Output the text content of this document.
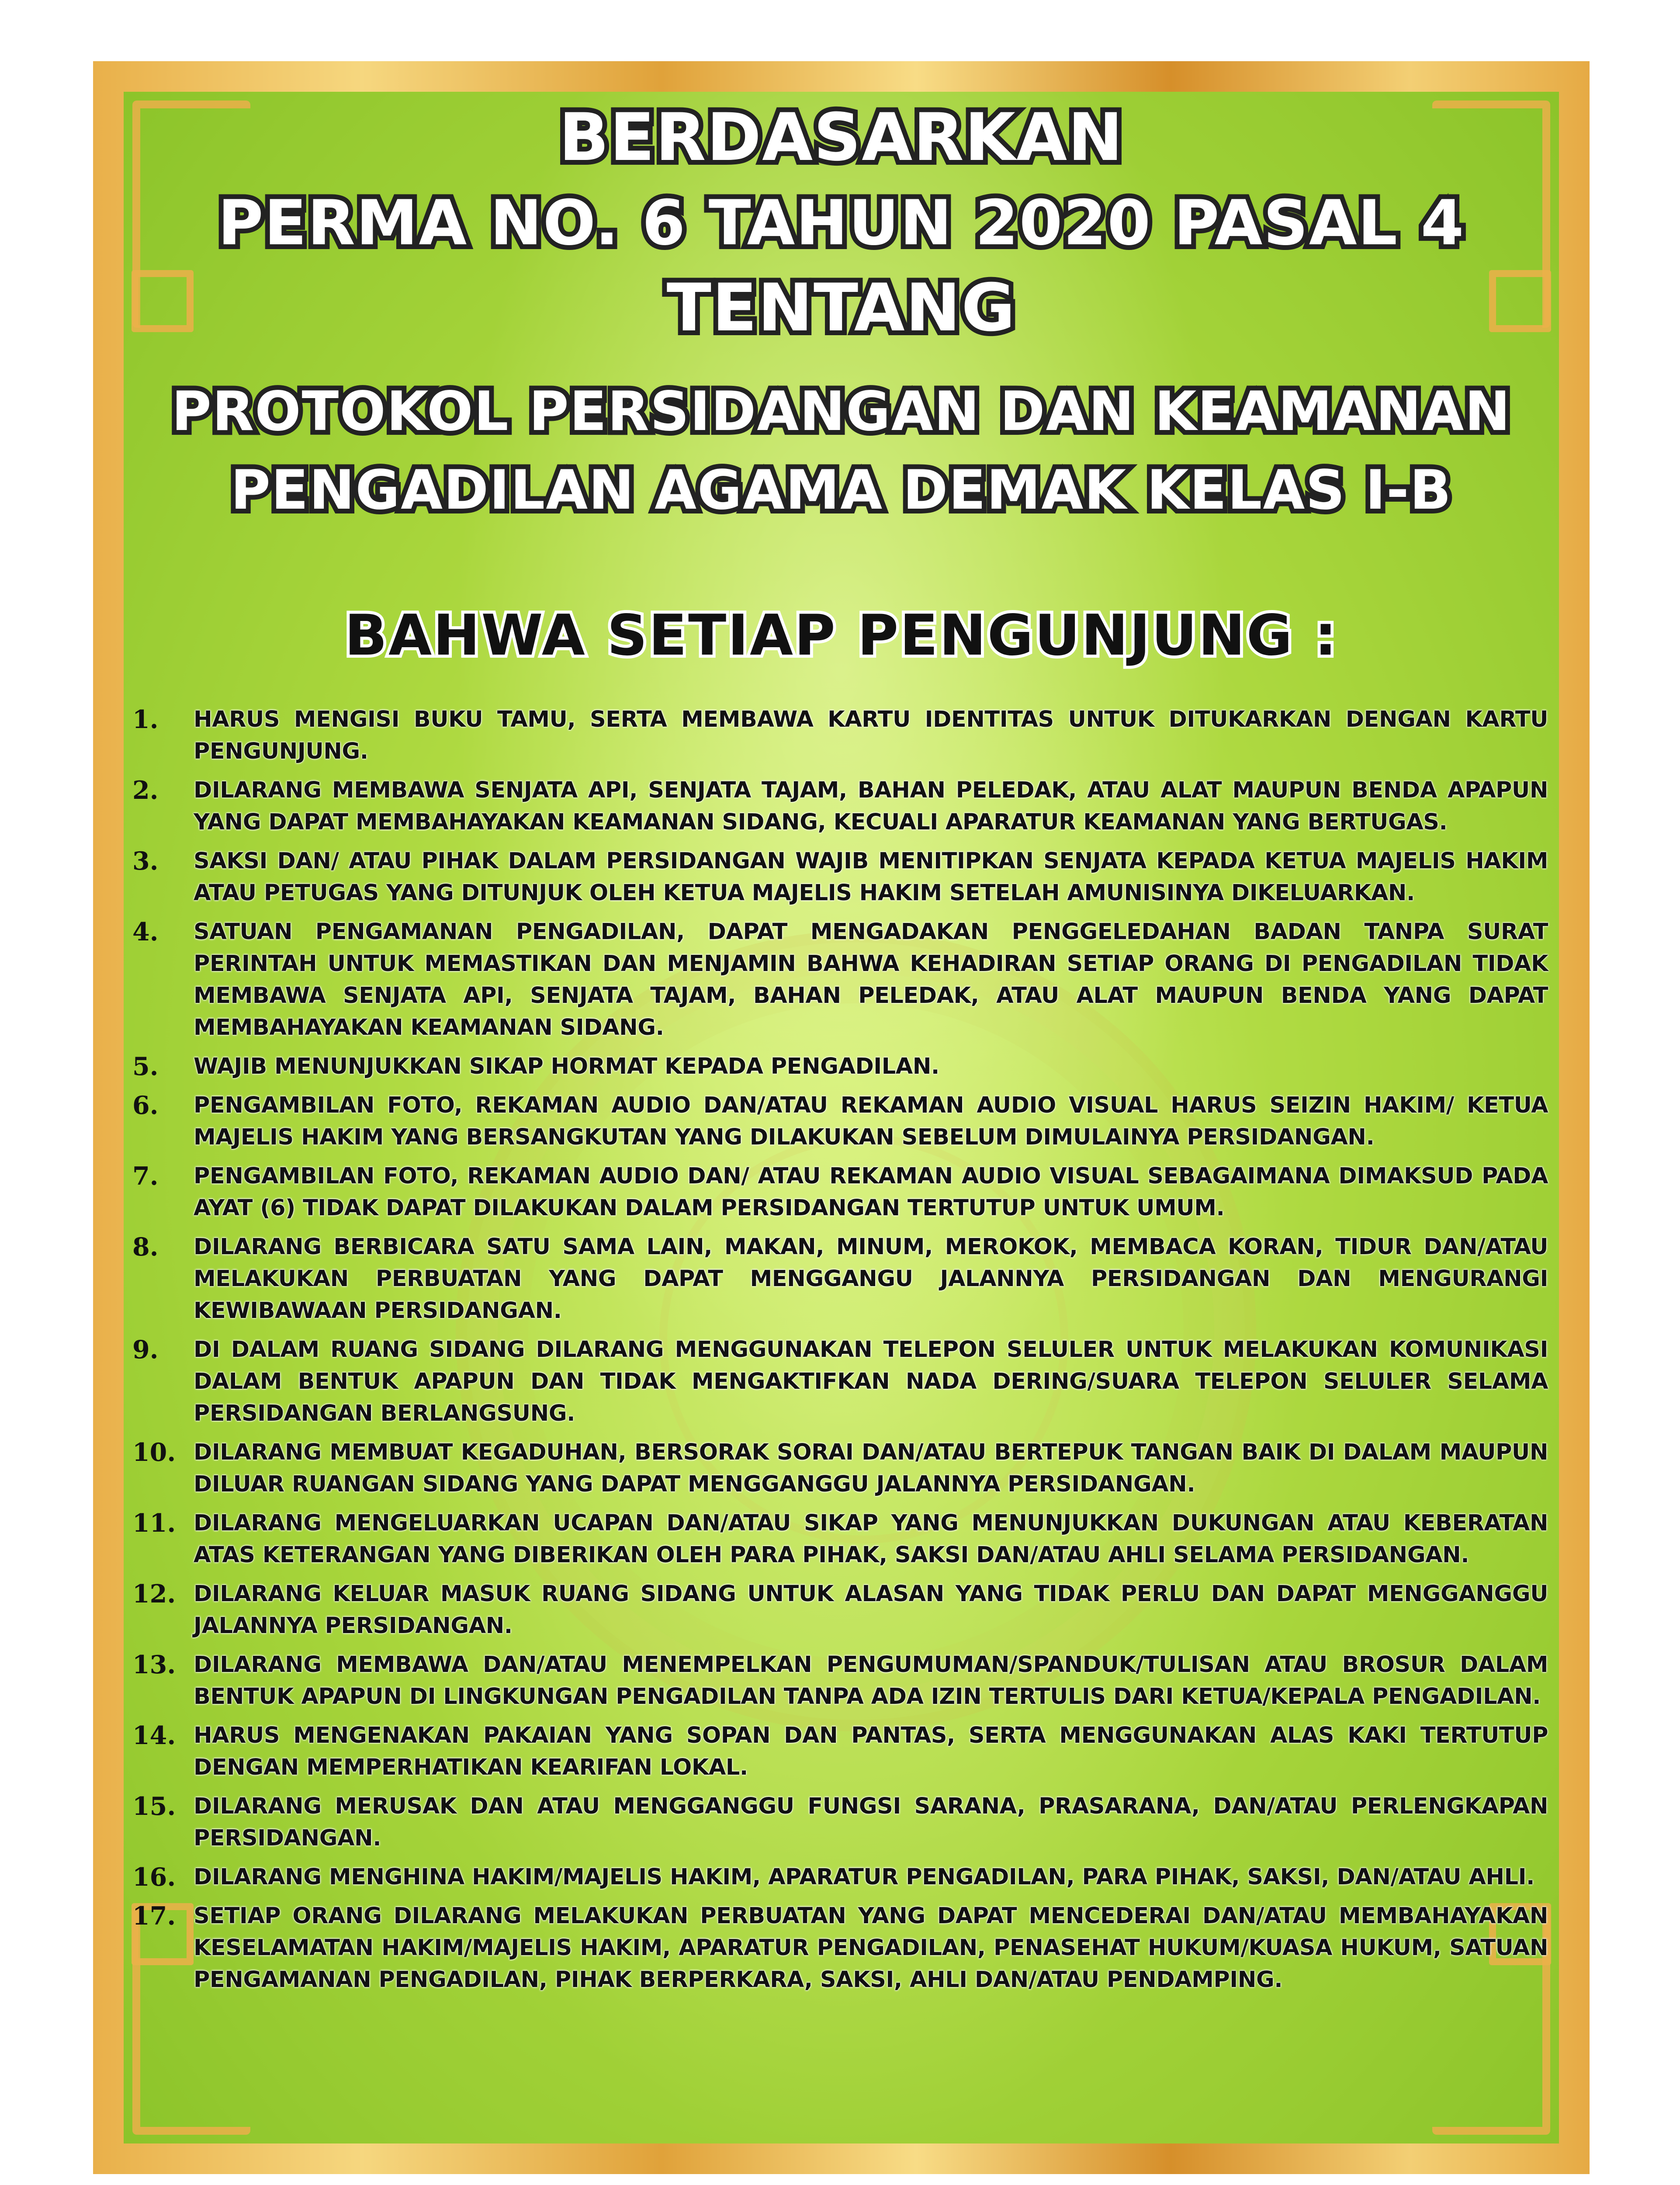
BERDASARKAN
PERMA NO. 6 TAHUN 2020 PASAL 4
TENTANG
PROTOKOL PERSIDANGAN DAN KEAMANAN
PENGADILAN AGAMA DEMAK KELAS I-B
BAHWA SETIAP PENGUNJUNG :
1.	HARUS MENGISI BUKU TAMU, SERTA MEMBAWA KARTU IDENTITAS UNTUK DITUKARKAN DENGAN KARTU PENGUNJUNG.
2.	DILARANG MEMBAWA SENJATA API, SENJATA TAJAM, BAHAN PELEDAK, ATAU ALAT MAUPUN BENDA APAPUN YANG DAPAT MEMBAHAYAKAN KEAMANAN SIDANG, KECUALI APARATUR KEAMANAN YANG BERTUGAS.
3.	SAKSI DAN/ ATAU PIHAK DALAM PERSIDANGAN WAJIB MENITIPKAN SENJATA KEPADA KETUA MAJELIS HAKIM ATAU PETUGAS YANG DITUNJUK OLEH KETUA MAJELIS HAKIM SETELAH AMUNISINYA DIKELUARKAN.
4.	SATUAN PENGAMANAN PENGADILAN, DAPAT MENGADAKAN PENGGELEDAHAN BADAN TANPA SURAT PERINTAH UNTUK MEMASTIKAN DAN MENJAMIN BAHWA KEHADIRAN SETIAP ORANG DI PENGADILAN TIDAK MEMBAWA SENJATA API, SENJATA TAJAM, BAHAN PELEDAK, ATAU ALAT MAUPUN BENDA YANG DAPAT MEMBAHAYAKAN KEAMANAN SIDANG.
5.	WAJIB MENUNJUKKAN SIKAP HORMAT KEPADA PENGADILAN.
6.	PENGAMBILAN FOTO, REKAMAN AUDIO DAN/ATAU REKAMAN AUDIO VISUAL HARUS SEIZIN HAKIM/ KETUA MAJELIS HAKIM YANG BERSANGKUTAN YANG DILAKUKAN SEBELUM DIMULAINYA PERSIDANGAN.
7.	PENGAMBILAN FOTO, REKAMAN AUDIO DAN/ ATAU REKAMAN AUDIO VISUAL SEBAGAIMANA DIMAKSUD PADA AYAT (6) TIDAK DAPAT DILAKUKAN DALAM PERSIDANGAN TERTUTUP UNTUK UMUM.
8.	DILARANG BERBICARA SATU SAMA LAIN, MAKAN, MINUM, MEROKOK, MEMBACA KORAN, TIDUR DAN/ATAU MELAKUKAN PERBUATAN YANG DAPAT MENGGANGU JALANNYA PERSIDANGAN DAN MENGURANGI KEWIBAWAAN PERSIDANGAN.
9.	DI DALAM RUANG SIDANG DILARANG MENGGUNAKAN TELEPON SELULER UNTUK MELAKUKAN KOMUNIKASI DALAM BENTUK APAPUN DAN TIDAK MENGAKTIFKAN NADA DERING/SUARA TELEPON SELULER SELAMA PERSIDANGAN BERLANGSUNG.
10. DILARANG MEMBUAT KEGADUHAN, BERSORAK SORAI DAN/ATAU BERTEPUK TANGAN BAIK DI DALAM MAUPUN DILUAR RUANGAN SIDANG YANG DAPAT MENGGANGGU JALANNYA PERSIDANGAN.
11. DILARANG MENGELUARKAN UCAPAN DAN/ATAU SIKAP YANG MENUNJUKKAN DUKUNGAN ATAU KEBERATAN ATAS KETERANGAN YANG DIBERIKAN OLEH PARA PIHAK, SAKSI DAN/ATAU AHLI SELAMA PERSIDANGAN.
12. DILARANG KELUAR MASUK RUANG SIDANG UNTUK ALASAN YANG TIDAK PERLU DAN DAPAT MENGGANGGU JALANNYA PERSIDANGAN.
13. DILARANG MEMBAWA DAN/ATAU MENEMPELKAN PENGUMUMAN/SPANDUK/TULISAN ATAU BROSUR DALAM BENTUK APAPUN DI LINGKUNGAN PENGADILAN TANPA ADA IZIN TERTULIS DARI KETUA/KEPALA PENGADILAN.
14. HARUS MENGENAKAN PAKAIAN YANG SOPAN DAN PANTAS, SERTA MENGGUNAKAN ALAS KAKI TERTUTUP DENGAN MEMPERHATIKAN KEARIFAN LOKAL.
15. DILARANG MERUSAK DAN ATAU MENGGANGGU FUNGSI SARANA, PRASARANA, DAN/ATAU PERLENGKAPAN PERSIDANGAN.
16. DILARANG MENGHINA HAKIM/MAJELIS HAKIM, APARATUR PENGADILAN, PARA PIHAK, SAKSI, DAN/ATAU AHLI.
17. SETIAP ORANG DILARANG MELAKUKAN PERBUATAN YANG DAPAT MENCEDERAI DAN/ATAU MEMBAHAYAKAN KESELAMATAN HAKIM/MAJELIS HAKIM, APARATUR PENGADILAN, PENASEHAT HUKUM/KUASA HUKUM, SATUAN PENGAMANAN PENGADILAN, PIHAK BERPERKARA, SAKSI, AHLI DAN/ATAU PENDAMPING.
